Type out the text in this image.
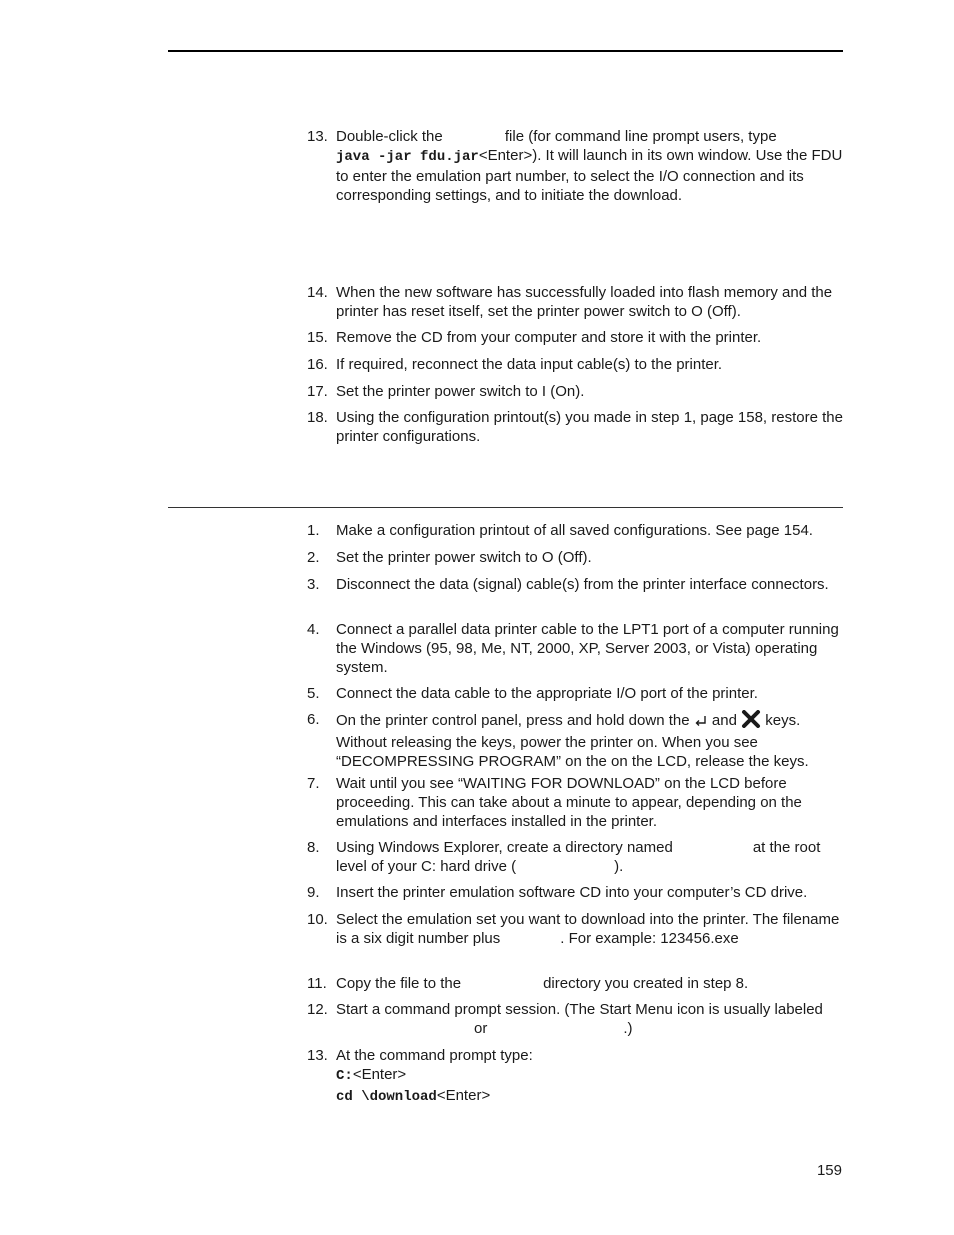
13. Double-click the	file (for command line prompt users, type
java -jar fdu.jar<Enter>). It will launch in its own window. Use the FDU to enter the emulation part number, to select the I/O connection and its corresponding settings, and to initiate the download.
14. When the new software has successfully loaded into flash memory and the printer has reset itself, set the printer power switch to O (Off).
15. Remove the CD from your computer and store it with the printer.
16. If required, reconnect the data input cable(s) to the printer.
17. Set the printer power switch to I (On).
18. Using the configuration printout(s) you made in step 1, page 158, restore the printer configurations.
1.	Make a configuration printout of all saved configurations. See page 154.
2.	Set the printer power switch to O (Off).
3.	Disconnect the data (signal) cable(s) from the printer interface connectors.
4.	Connect a parallel data printer cable to the LPT1 port of a computer running the Windows (95, 98, Me, NT, 2000, XP, Server 2003, or Vista) operating system.
5.	Connect the data cable to the appropriate I/O port of the printer.
6.	On the printer control panel, press and hold down the  and  keys. Without releasing the keys, power the printer on. When you see “DECOMPRESSING PROGRAM” on the on the LCD, release the keys.
7.	Wait until you see “WAITING FOR DOWNLOAD” on the LCD before proceeding. This can take about a minute to appear, depending on the emulations and interfaces installed in the printer.
8.	Using Windows Explorer, create a directory named	at the root level of your C: hard drive (	).
9.	Insert the printer emulation software CD into your computer’s CD drive.
10. Select the emulation set you want to download into the printer. The filename is a six digit number plus	. For example: 123456.exe
11. Copy the file to the	directory you created in step 8.
12. Start a command prompt session. (The Start Menu icon is usually labeled
or	.)
13. At the command prompt type:
C:<Enter>
cd \download<Enter>
159
